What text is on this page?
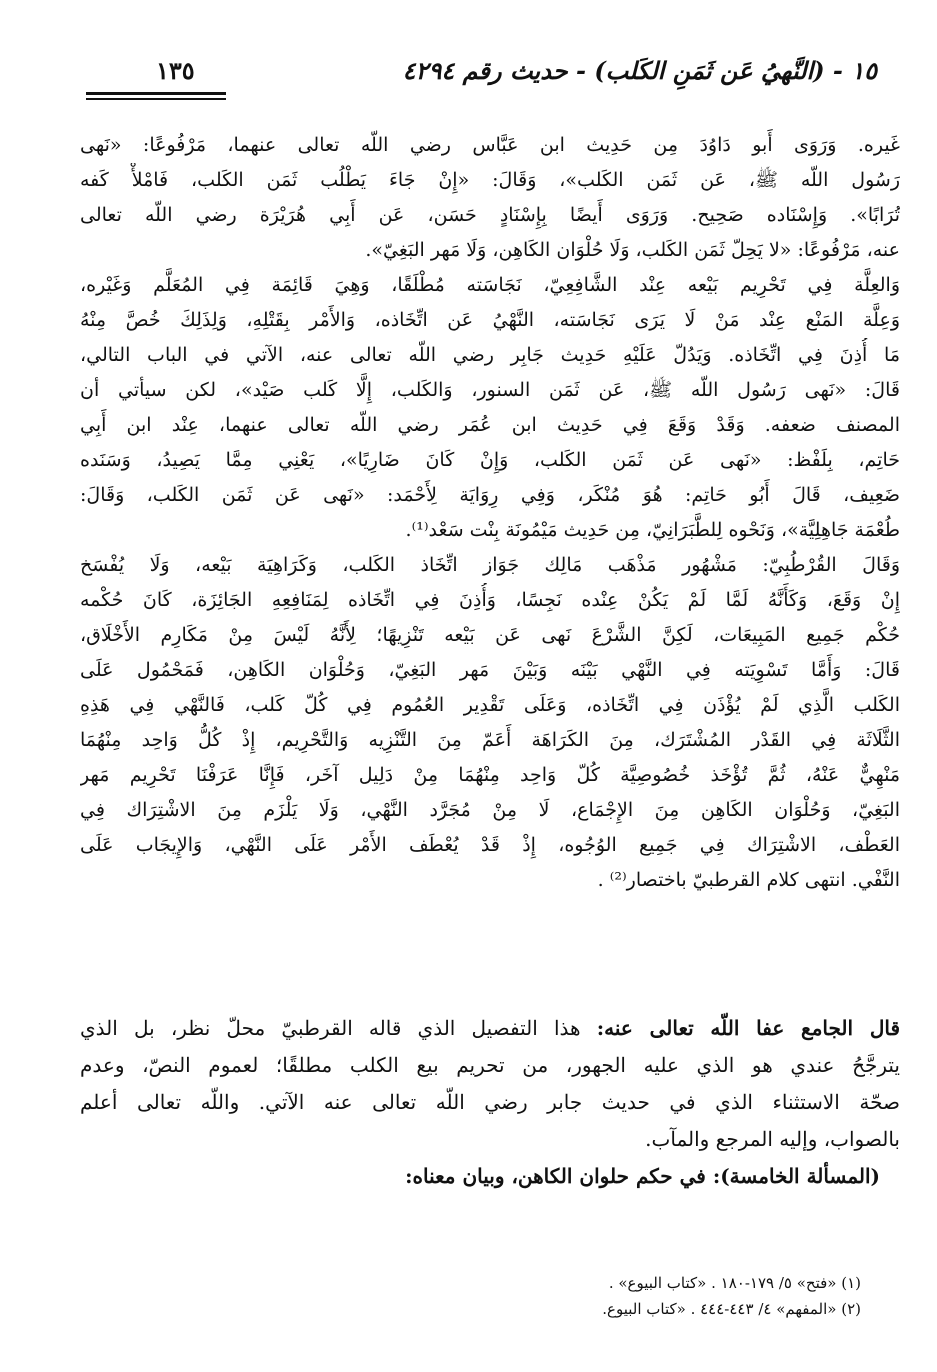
١٥ - (النَّهيُ عَن ثَمَنِ الكَلب) - حديث رقم ٤٢٩٤
١٣٥
غَيره. وَرَوَى أَبو دَاوُدَ مِن حَدِيث ابن عَبَّاس رضي اللّه تعالى عنهما، مَرْفُوعًا: «نَهى
رَسُول اللّه ﷺ، عَن ثَمَن الكَلب»، وَقَالَ: «إِنْ جَاءَ يَطْلُب ثَمَن الكَلب، فَامْلأْ كَفه
تُرَابًا». وَإِسْنَاده صَحِيح. وَرَوَى أَيضًا بِإِسْنَادٍ حَسَن، عَن أَبِي هُرَيْرَة رضي اللّه تعالى
عنه، مَرْفُوعًا: «لا يَحِلّ ثَمَن الكَلب، وَلَا حُلْوَان الكَاهِن، وَلَا مَهر البَغِيّ».
وَالعِلَّة فِي تَحْرِيم بَيْعه عِنْد الشَّافِعِيّ، نَجَاسَته مُطْلَقًا، وَهِيَ قَائِمَة فِي المُعَلَّم وَغَيْره،
وَعِلَّة المَنْع عِنْد مَنْ لَا يَرَى نَجَاسَته، النَّهْيُ عَن اتِّخَاذه، وَالأَمْر بِقَتْلِهِ، وَلِذَلِكَ خُصَّ مِنْهُ
مَا أُذِنَ فِي اتِّخَاذه. وَيَدُلّ عَلَيْهِ حَدِيث جَابِر رضي اللّه تعالى عنه، الآتي في الباب التالي،
قَالَ: «نَهى رَسُول اللّه ﷺ، عَن ثَمَن السنور، وَالكَلب، إِلَّا كَلب صَيْد»، لكن سيأتي أن
المصنف ضعفه. وَقَدْ وَقَعَ فِي حَدِيث ابن عُمَر رضي اللّه تعالى عنهما، عِنْد ابن أَبِي
حَاتِم، بِلَفْظ: «نَهى عَن ثَمَن الكَلب، وَإِنْ كَانَ ضَارِيًا»، يَعْنِي مِمَّا يَصِيدُ، وَسَنَده
ضَعِيف، قَالَ أَبُو حَاتِم: هُوَ مُنْكَر، وَفِي رِوَايَة لِأَحْمَد: «نَهى عَن ثَمَن الكَلب، وَقَالَ:
طُعْمَة جَاهِلِيَّة»، وَنَحْوه لِلطَّبَرَانِيّ، مِن حَدِيث مَيْمُونَة بِنْت سَعْد⁽¹⁾.
وَقَالَ القُرْطُبِيّ: مَشْهُور مَذْهَب مَالِك جَوَاز اتِّخَاذ الكَلب، وَكَرَاهِيَة بَيْعه، وَلَا يُفْسَخ
إِنْ وَقَعَ، وَكَأَنَّهُ لَمَّا لَمْ يَكُنْ عِنْده نَجِسًا، وَأُذِنَ فِي اتِّخَاذه لِمَنَافِعِهِ الجَائِزَة، كَانَ حُكْمه
حُكْم جَمِيع المَبِيعَات، لَكِنَّ الشَّرْعَ نَهى عَن بَيْعه تَنْزِيهًا؛ لِأَنَّهُ لَيْسَ مِنْ مَكَارِم الأَخْلَاق،
قَالَ: وَأَمَّا تَسْوِيَته فِي النَّهْي بَيْنَه وَبَيْنَ مَهر البَغِيّ، وَحُلْوَان الكَاهِن، فَمَحْمُول عَلَى
الكَلب الَّذِي لَمْ يُؤْذَن فِي اتِّخَاذه، وَعَلَى تَقْدِير العُمُوم فِي كُلّ كَلب، فَالنَّهْي فِي هَذِهِ
الثَّلَاثَة فِي القَدْر المُشْتَرَك، مِنَ الكَرَاهَة أَعَمّ مِنَ التَّنْزِيه وَالتَّحْرِيم، إِذْ كُلُّ وَاحِد مِنْهُمَا
مَنْهِيٌّ عَنْهُ، ثُمَّ تُؤْخَذ خُصُوصِيَّة كُلّ وَاحِد مِنْهُمَا مِنْ دَلِيل آخَر، فَإِنَّا عَرَفْنَا تَحْرِيم مَهر
البَغِيّ، وَحُلْوَان الكَاهِن مِنَ الإِجْمَاع، لَا مِنْ مُجَرَّد النَّهْي، وَلَا يَلْزَم مِنَ الاشْتِرَاك فِي
العَطْف، الاشْتِرَاك فِي جَمِيع الوُجُوه، إِذْ قَدْ يُعْطَف الأَمْر عَلَى النَّهْي، وَالإِيجَاب عَلَى
النَّفْي. انتهى كلام القرطبيّ باختصار⁽²⁾ .
قال الجامع عفا اللّه تعالى عنه: هذا التفصيل الذي قاله القرطبيّ محلّ نظر، بل الذي
يترجَّحُ عندي هو الذي عليه الجهور، من تحريم بيع الكلب مطلقًا؛ لعموم النصّ، وعدم
صحّة الاستثناء الذي في حديث جابر رضي اللّه تعالى عنه الآتي. واللّه تعالى أعلم
بالصواب، وإليه المرجع والمآب.
(المسألة الخامسة): في حكم حلوان الكاهن، وبيان معناه:
(١) «فتح» ٥/ ١٧٩-١٨٠ . «كتاب البيوع» .
(٢) «المفهم» ٤/ ٤٤٣-٤٤٤ . «كتاب البيوع.
